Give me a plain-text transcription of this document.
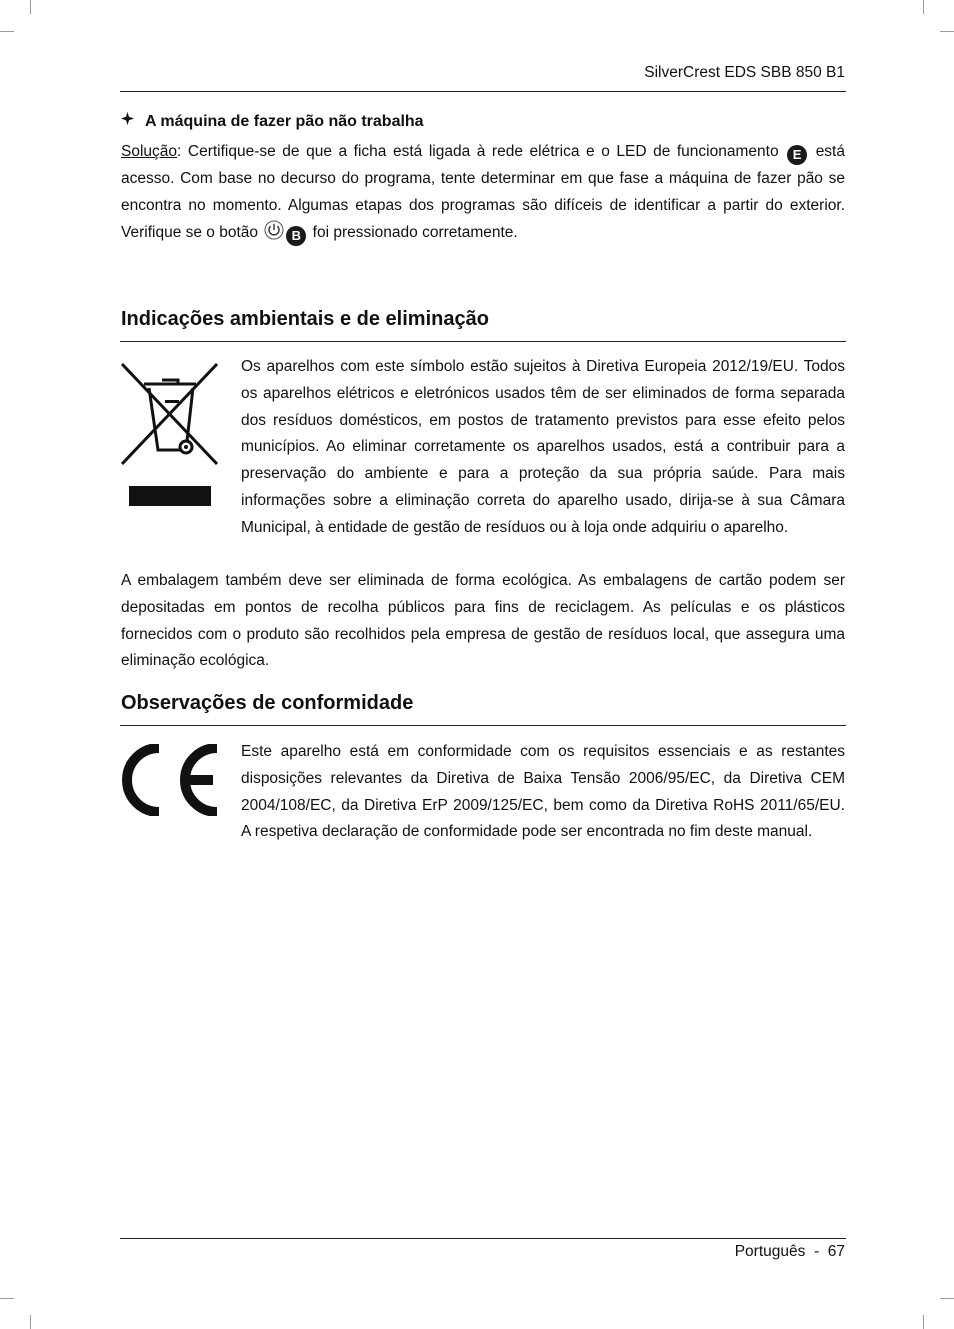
SilverCrest EDS SBB 850 B1
A máquina de fazer pão não trabalha

Solução: Certifique-se de que a ficha está ligada à rede elétrica e o LED de funcionamento E está acesso. Com base no decurso do programa, tente determinar em que fase a máquina de fazer pão se encontra no momento. Algumas etapas dos programas são difíceis de identificar a partir do exterior. Verifique se o botão	B foi pressionado corretamente.

Indicações ambientais e de eliminação

Os aparelhos com este símbolo estão sujeitos à Diretiva Europeia 2012/19/EU. Todos os aparelhos elétricos e eletrónicos usados têm de ser eliminados de forma separada dos resíduos domésticos, em postos de tratamento previstos para esse efeito pelos municípios. Ao eliminar corretamente os aparelhos usados, está a contribuir para a preservação do ambiente e para a proteção da sua própria saúde. Para mais informações sobre a eliminação correta do aparelho usado, dirija-se à sua Câmara Municipal, à entidade de gestão de resíduos ou à loja onde adquiriu o aparelho.

A embalagem também deve ser eliminada de forma ecológica. As embalagens de cartão podem ser depositadas em pontos de recolha públicos para fins de reciclagem. As películas e os plásticos fornecidos com o produto são recolhidos pela empresa de gestão de resíduos local, que assegura uma eliminação ecológica.

Observações de conformidade

Este aparelho está em conformidade com os requisitos essenciais e as restantes disposições relevantes da Diretiva de Baixa Tensão 2006/95/EC, da Diretiva CEM 2004/108/EC, da Diretiva ErP 2009/125/EC, bem como da Diretiva RoHS 2011/65/EU. A respetiva declaração de conformidade pode ser encontrada no fim deste manual.

Português  -  67
